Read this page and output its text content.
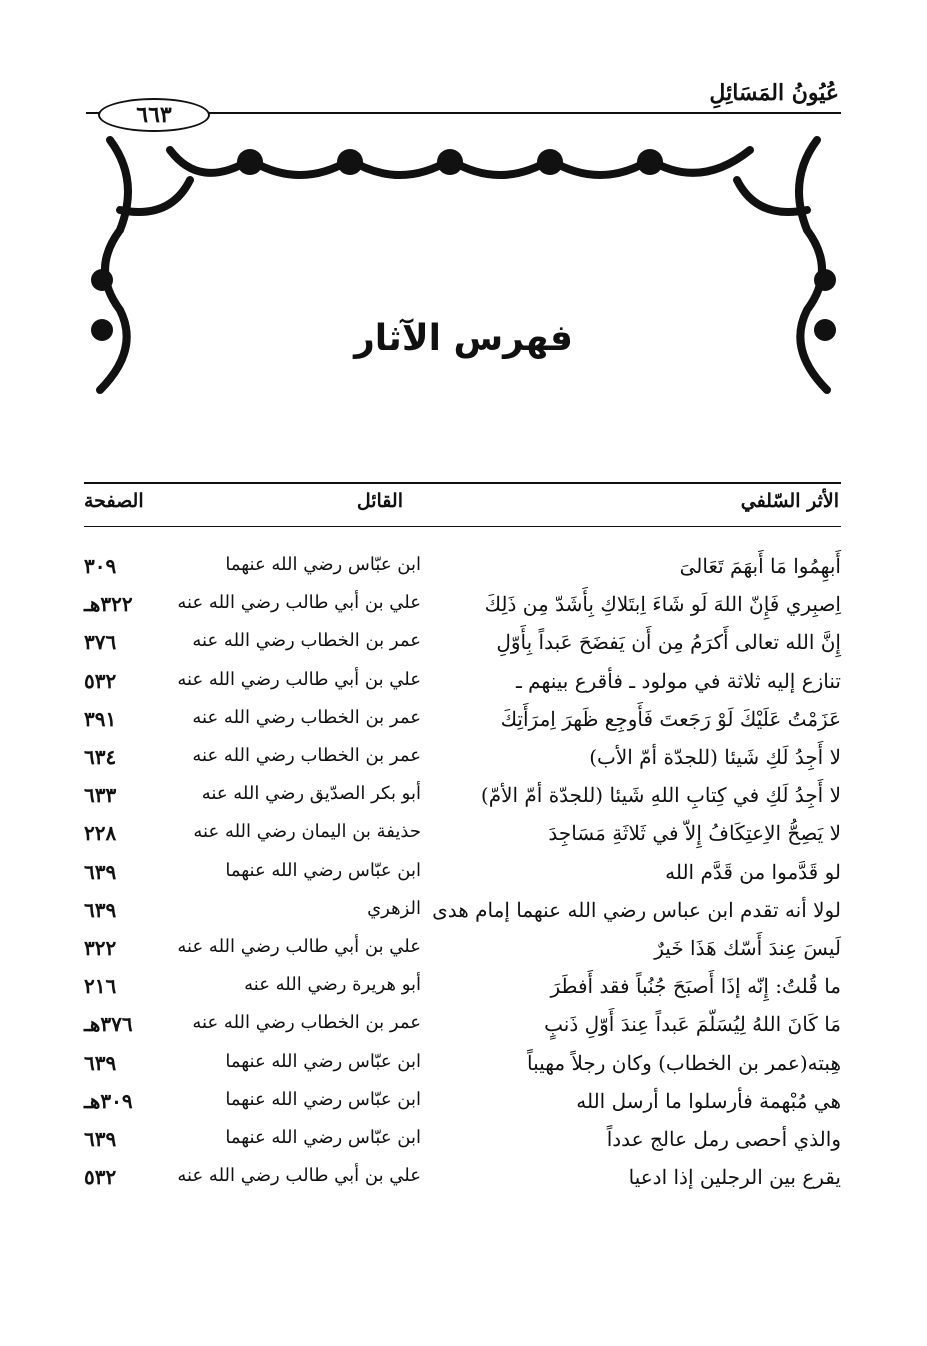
عُيُونُ المَسَائِلِ
٦٦٣
فهرس الآثار
الأثر السّلفي
القائل
الصفحة
أَبهِمُوا مَا أَبهَمَ تَعَالىَ
ابن عبّاس رضي الله عنهما
٣٠٩
اِصبِري فَإِنّ اللهَ لَو شَاءَ اِبتَلاكِ بِأَشَدّ مِن ذَلِكَ
علي بن أبي طالب رضي الله عنه
٣٢٢هـ
إِنَّ الله تعالى أَكرَمُ مِن أَن يَفضَحَ عَبداً بِأَوّلِ
عمر بن الخطاب رضي الله عنه
٣٧٦
تنازع إليه ثلاثة في مولود ـ فأقرع بينهم ـ
علي بن أبي طالب رضي الله عنه
٥٣٢
عَزَمْتُ عَلَيْكَ لَوْ رَجَعتَ فَأَوجِع ظَهرَ اِمرَأَتِكَ
عمر بن الخطاب رضي الله عنه
٣٩١
لا أَجِدُ لَكِ شَيئا (للجدّة أمّ الأب)
عمر بن الخطاب رضي الله عنه
٦٣٤
لا أَجِدُ لَكِ في كِتابِ اللهِ شَيئا (للجدّة أمّ الأمّ)
أبو بكر الصدّيق رضي الله عنه
٦٣٣
لا يَصِحُّ الاِعتِكَافُ إِلاّ في ثَلاثَةِ مَسَاجِدَ
حذيفة بن اليمان رضي الله عنه
٢٢٨
لو قَدَّموا من قَدَّم الله
ابن عبّاس رضي الله عنهما
٦٣٩
لولا أنه تقدم ابن عباس رضي الله عنهما إمام هدى
الزهري
٦٣٩
لَيسَ عِندَ أَسّك هَذَا خَيرٌ
علي بن أبي طالب رضي الله عنه
٣٢٢
ما قُلتُ: إِنّه إذَا أَصبَحَ جُنُباً فقد أَفطَرَ
أبو هريرة رضي الله عنه
٢١٦
مَا كَانَ اللهُ لِيُسَلّمَ عَبداً عِندَ أَوّلِ ذَنبٍ
عمر بن الخطاب رضي الله عنه
٣٧٦هـ
هِبته(عمر بن الخطاب) وكان رجلاً مهيباً
ابن عبّاس رضي الله عنهما
٦٣٩
هي مُبْهمة فأرسلوا ما أرسل الله
ابن عبّاس رضي الله عنهما
٣٠٩هـ
والذي أحصى رمل عالج عدداً
ابن عبّاس رضي الله عنهما
٦٣٩
يقرع بين الرجلين إذا ادعيا
علي بن أبي طالب رضي الله عنه
٥٣٢
